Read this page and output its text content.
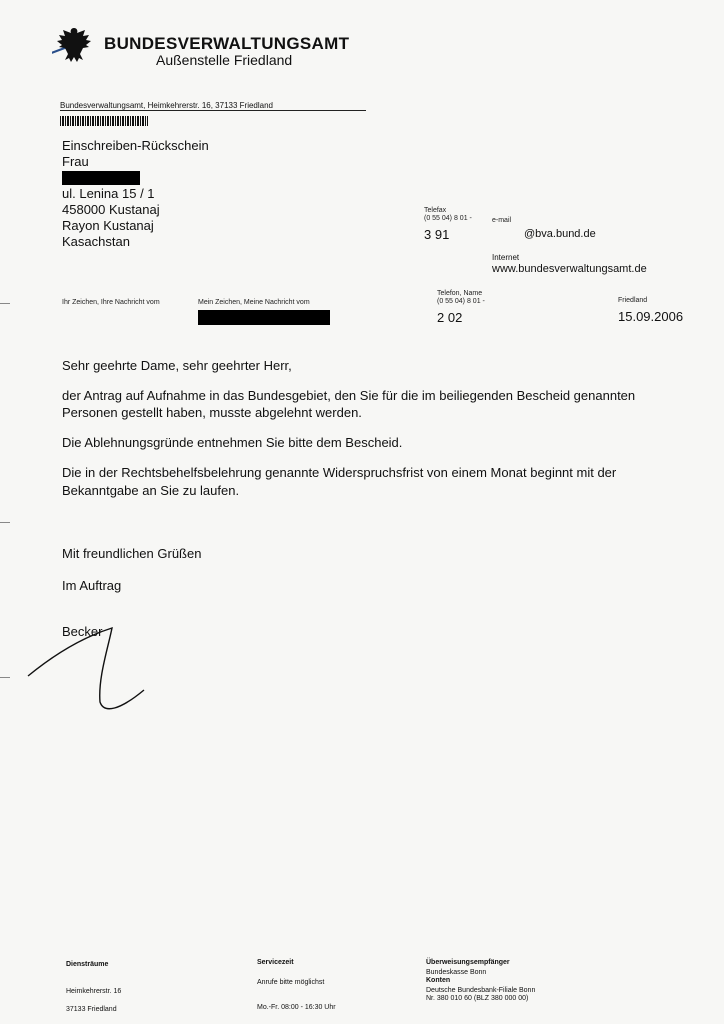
BUNDESVERWALTUNGSAMT
Außenstelle Friedland
Bundesverwaltungsamt, Heimkehrerstr. 16, 37133 Friedland
Einschreiben-Rückschein
Frau
ul. Lenina 15 / 1
458000 Kustanaj
Rayon Kustanaj
Kasachstan
Telefax
(0 55 04) 8 01 -	e-mail
3 91	@bva.bund.de
Internet
www.bundesverwaltungsamt.de
Telefon, Name
(0 55 04) 8 01 -
2 02
Friedland
15.09.2006
Ihr Zeichen, Ihre Nachricht vom	Mein Zeichen, Meine Nachricht vom
Sehr geehrte Dame, sehr geehrter Herr,
der Antrag auf Aufnahme in das Bundesgebiet, den Sie für die im beiliegenden Bescheid genannten
Personen gestellt haben, musste abgelehnt werden.
Die Ablehnungsgründe entnehmen Sie bitte dem Bescheid.
Die in der Rechtsbehelfsbelehrung genannte Widerspruchsfrist von einem Monat beginnt mit der
Bekanntgabe an Sie zu laufen.
Mit freundlichen Grüßen
Im Auftrag
Becker
Diensträume
Heimkehrerstr. 16
37133 Friedland
Servicezeit
Anrufe bitte möglichst
Mo.-Fr. 08:00 - 16:30 Uhr
Überweisungsempfänger
Bundeskasse Bonn
Konten
Deutsche Bundesbank-Filiale Bonn
Nr. 380 010 60 (BLZ 380 000 00)
